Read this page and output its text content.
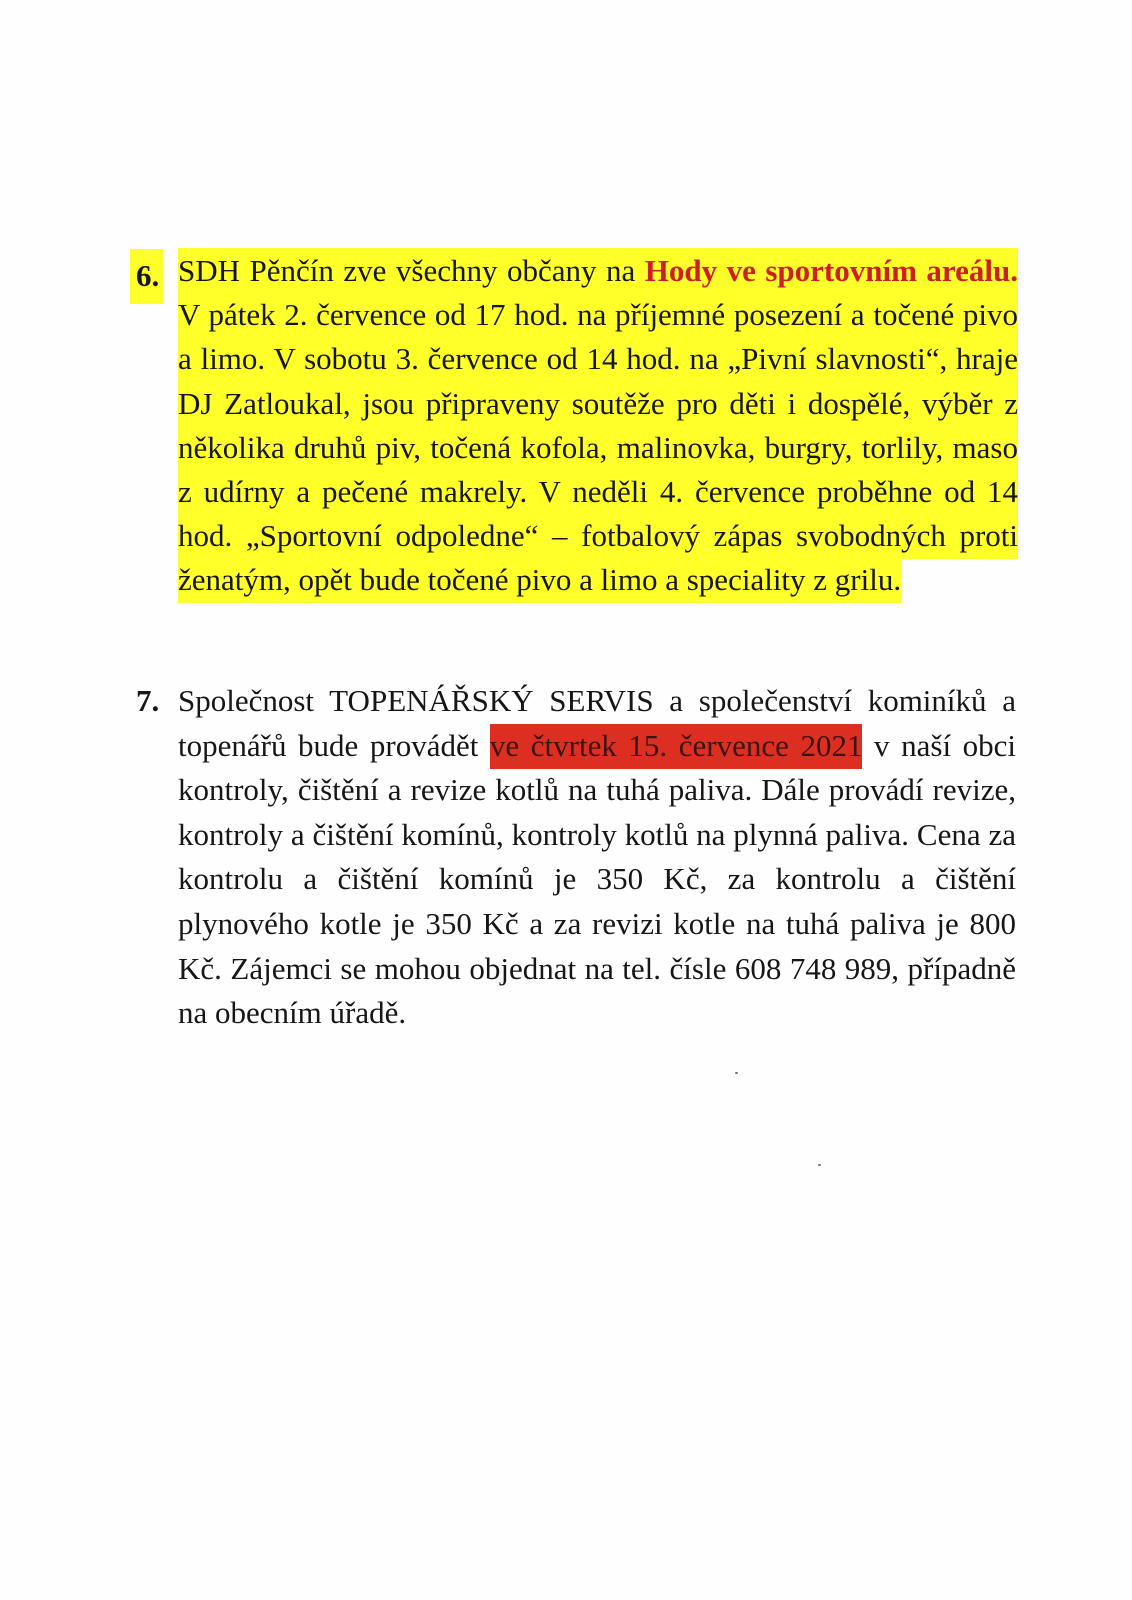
6. SDH Pěnčín zve všechny občany na Hody ve sportovním areálu. V pátek 2. července od 17 hod. na příjemné posezení a točené pivo a limo. V sobotu 3. července od 14 hod. na „Pivní slavnosti“, hraje DJ Zatloukal, jsou připraveny soutěže pro děti i dospělé, výběr z několika druhů piv, točená kofola, malinovka, burgry, torlily, maso z udírny a pečené makrely. V neděli 4. července proběhne od 14 hod. „Sportovní odpoledne“ – fotbalový zápas svobodných proti ženatým, opět bude točené pivo a limo a speciality z grilu.
7. Společnost TOPENÁŘSKÝ SERVIS a společenství kominíků a topenářů bude provádět ve čtvrtek 15. července 2021 v naší obci kontroly, čištění a revize kotlů na tuhá paliva. Dále provádí revize, kontroly a čištění komínů, kontroly kotlů na plynná paliva. Cena za kontrolu a čištění komínů je 350 Kč, za kontrolu a čištění plynového kotle je 350 Kč a za revizi kotle na tuhá paliva je 800 Kč. Zájemci se mohou objednat na tel. čísle 608 748 989, případně na obecním úřadě.
